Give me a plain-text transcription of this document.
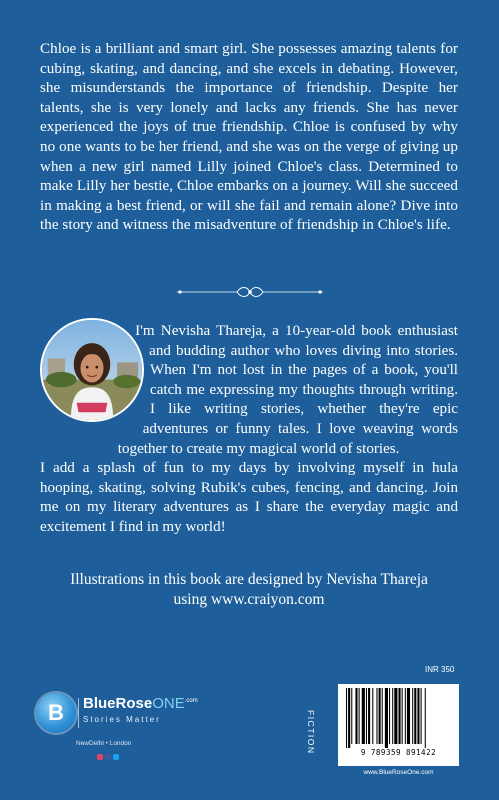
Chloe is a brilliant and smart girl. She possesses amazing talents for cubing, skating, and dancing, and she excels in debating. However, she misunderstands the importance of friendship. Despite her talents, she is very lonely and lacks any friends. She has never experienced the joys of true friendship. Chloe is confused by why no one wants to be her friend, and she was on the verge of giving up when a new girl named Lilly joined Chloe's class. Determined to make Lilly her bestie, Chloe embarks on a journey. Will she succeed in making a best friend, or will she fail and remain alone? Dive into the story and witness the misadventure of friendship in Chloe's life.

I'm Nevisha Thareja, a 10-year-old book enthusiast and budding author who loves diving into stories. When I'm not lost in the pages of a book, you'll catch me expressing my thoughts through writing. I like writing stories, whether they're epic adventures or funny tales. I love weaving words together to create my magical world of stories.

I add a splash of fun to my days by involving myself in hula hooping, skating, solving Rubik's cubes, fencing, and dancing. Join me on my literary adventures as I share the everyday magic and excitement I find in my world!

Illustrations in this book are designed by Nevisha Thareja
using www.craiyon.com
B	BlueRoseONE$^{.com}$
Stories Matter
NewDelhi • London
INR 350
FICTION	9 789359 891422
www.BlueRoseOne.com
